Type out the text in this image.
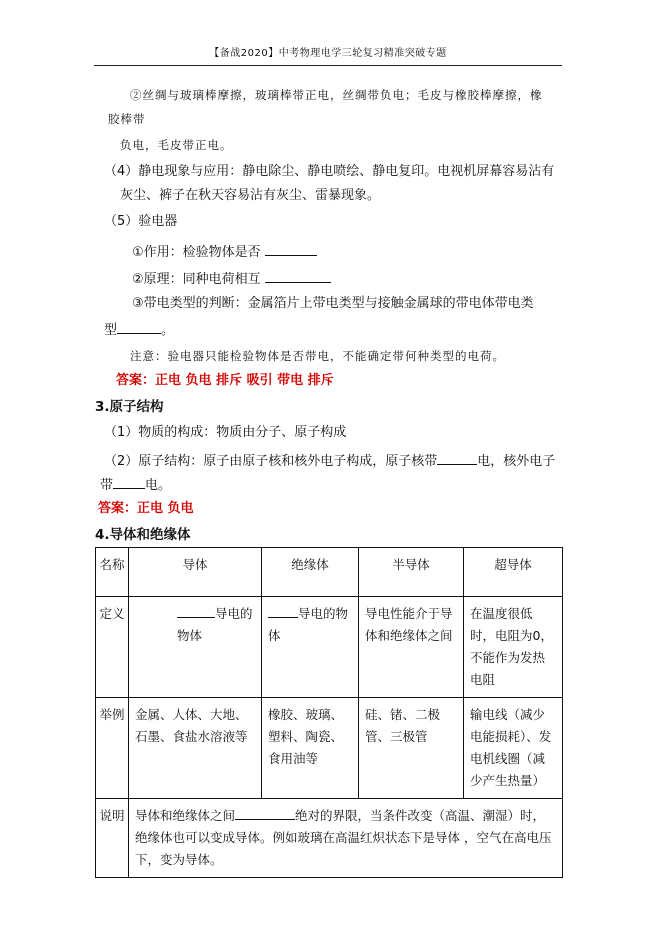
【备战2020】中考物理电学三轮复习精准突破专题
②丝绸与玻璃棒摩擦，玻璃棒带正电，丝绸带负电；毛皮与橡胶棒摩擦，橡
胶棒带
负电，毛皮带正电。
（4）静电现象与应用：静电除尘、静电喷绘、静电复印。电视机屏幕容易沾有
灰尘、裤子在秋天容易沾有灰尘、雷暴现象。
（5）验电器
①作用：检验物体是否
②原理：同种电荷相互
③带电类型的判断：金属箔片上带电类型与接触金属球的带电体带电类
型	。
注意：验电器只能检验物体是否带电，不能确定带何种类型的电荷。
答案：正电 负电 排斥 吸引 带电 排斥
3.原子结构
（1）物质的构成：物质由分子、原子构成
（2）原子结构：原子由原子核和核外电子构成，原子核带	电，核外电子
带 电。
答案：正电 负电
4.导体和绝缘体
名称	导体	绝缘体	半导体	超导体
定义	导电的物体	导电的物体	导电性能介于导体和绝缘体之间	在温度很低时，电阻为0，不能作为发热电阻
举例	金属、人体、大地、石墨、食盐水溶液等	橡胶、玻璃、塑料、陶瓷、食用油等	硅、锗、二极管、三极管	输电线（减少电能损耗）、发电机线圈（减少产生热量）
说明	导体和绝缘体之间 绝对的界限，当条件改变（高温、潮湿）时，绝缘体也可以变成导体。例如玻璃在高温红炽状态下是导体 ，空气在高电压下，变为导体。			
